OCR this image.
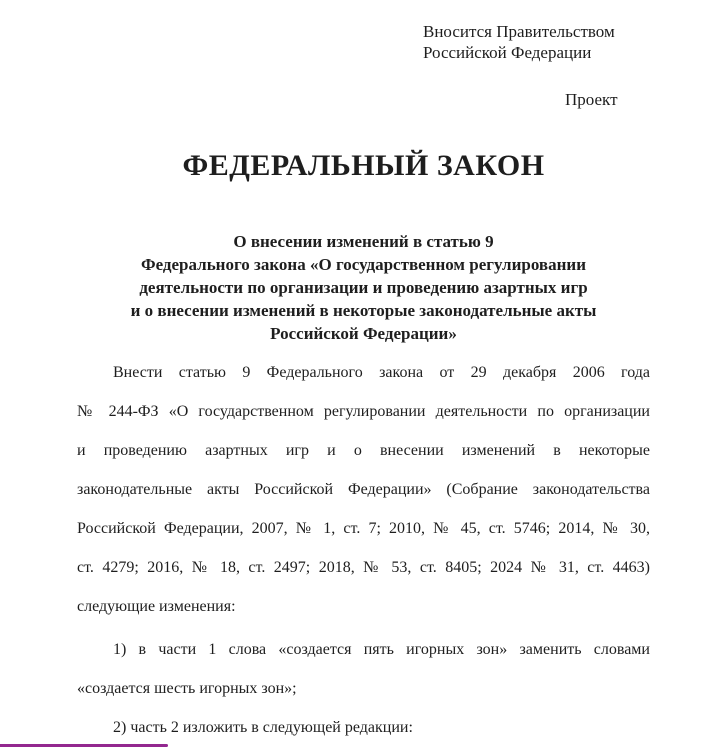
Вносится Правительством
Российской Федерации
Проект
ФЕДЕРАЛЬНЫЙ ЗАКОН
О внесении изменений в статью 9
Федерального закона «О государственном регулировании
деятельности по организации и проведению азартных игр
и о внесении изменений в некоторые законодательные акты
Российской Федерации»
Внести статью 9 Федерального закона от 29 декабря 2006 года
№ 244-ФЗ «О государственном регулировании деятельности по организации
и проведению азартных игр и о внесении изменений в некоторые
законодательные акты Российской Федерации» (Собрание законодательства
Российской Федерации, 2007, № 1, ст. 7; 2010, № 45, ст. 5746; 2014, № 30,
ст. 4279; 2016, № 18, ст. 2497; 2018, № 53, ст. 8405; 2024 № 31, ст. 4463)
следующие изменения:
1) в части 1 слова «создается пять игорных зон» заменить словами
«создается шесть игорных зон»;
2) часть 2 изложить в следующей редакции:
